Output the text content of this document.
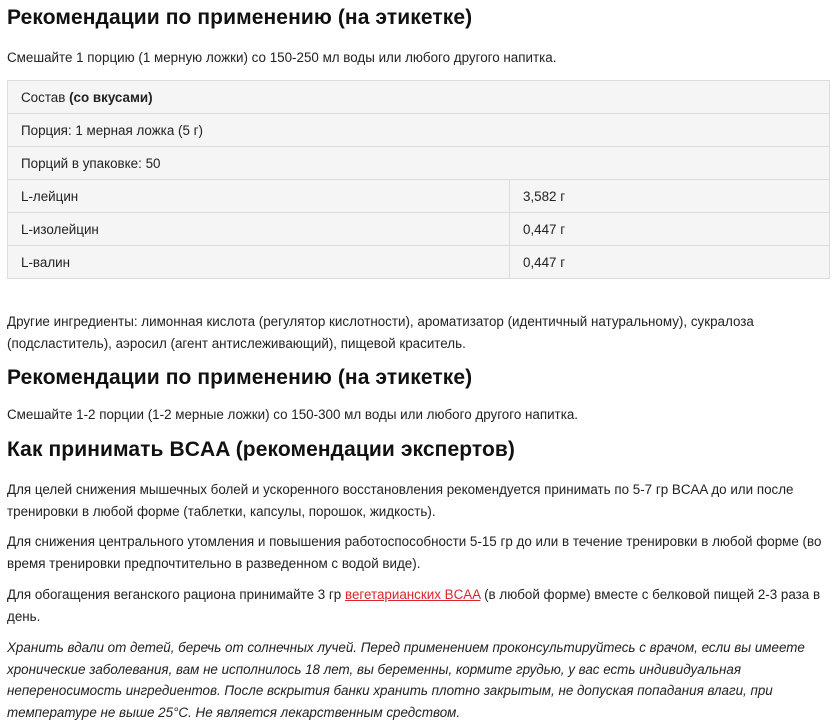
Рекомендации по применению (на этикетке)

Смешайте 1 порцию (1 мерную ложки) со 150-250 мл воды или любого другого напитка.

Состав (со вкусами)	
Порция: 1 мерная ложка (5 г)	
Порций в упаковке: 50	
L-лейцин	3,582 г
L-изолейцин	0,447 г
L-валин	0,447 г

Другие ингредиенты: лимонная кислота (регулятор кислотности), ароматизатор (идентичный натуральному), сукралоза (подсластитель), аэросил (агент антислеживающий), пищевой краситель.

Рекомендации по применению (на этикетке)

Смешайте 1-2 порции (1-2 мерные ложки) со 150-300 мл воды или любого другого напитка.

Как принимать BCAA (рекомендации экспертов)

Для целей снижения мышечных болей и ускоренного восстановления рекомендуется принимать по 5-7 гр BCAA до или после тренировки в любой форме (таблетки, капсулы, порошок, жидкость).

Для снижения центрального утомления и повышения работоспособности 5-15 гр до или в течение тренировки в любой форме (во время тренировки предпочтительно в разведенном с водой виде).

Для обогащения веганского рациона принимайте 3 гр вегетарианских BCAA (в любой форме) вместе с белковой пищей 2-3 раза в день.

Хранить вдали от детей, беречь от солнечных лучей. Перед применением проконсультируйтесь с врачом, если вы имеете хронические заболевания, вам не исполнилось 18 лет, вы беременны, кормите грудью, у вас есть индивидуальная непереносимость ингредиентов. После вскрытия банки хранить плотно закрытым, не допуская попадания влаги, при температуре не выше 25°C. Не является лекарственным средством.
